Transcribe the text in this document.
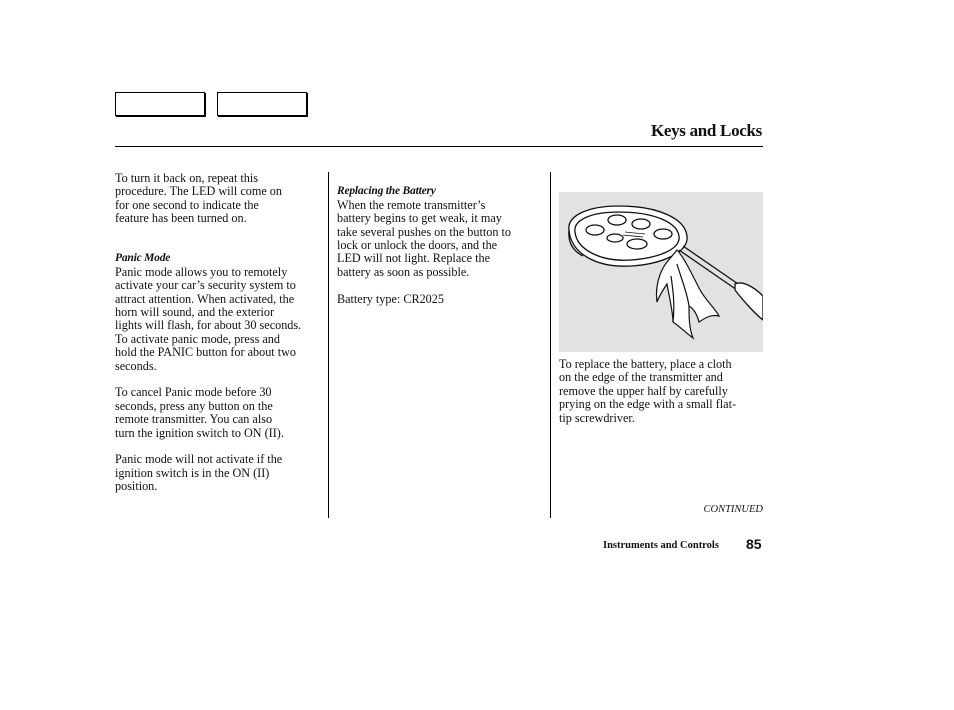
Keys and Locks

To turn it back on, repeat this
procedure. The LED will come on
for one second to indicate the
feature has been turned on.

Panic Mode
Panic mode allows you to remotely
activate your car’s security system to
attract attention. When activated, the
horn will sound, and the exterior
lights will flash, for about 30 seconds.
To activate panic mode, press and
hold the PANIC button for about two
seconds.

To cancel Panic mode before 30
seconds, press any button on the
remote transmitter. You can also
turn the ignition switch to ON (II).

Panic mode will not activate if the
ignition switch is in the ON (II)
position.

Replacing the Battery
When the remote transmitter’s
battery begins to get weak, it may
take several pushes on the button to
lock or unlock the doors, and the
LED will not light. Replace the
battery as soon as possible.

Battery type: CR2025

To replace the battery, place a cloth
on the edge of the transmitter and
remove the upper half by carefully
prying on the edge with a small flat-
tip screwdriver.

CONTINUED
Instruments and Controls 85
